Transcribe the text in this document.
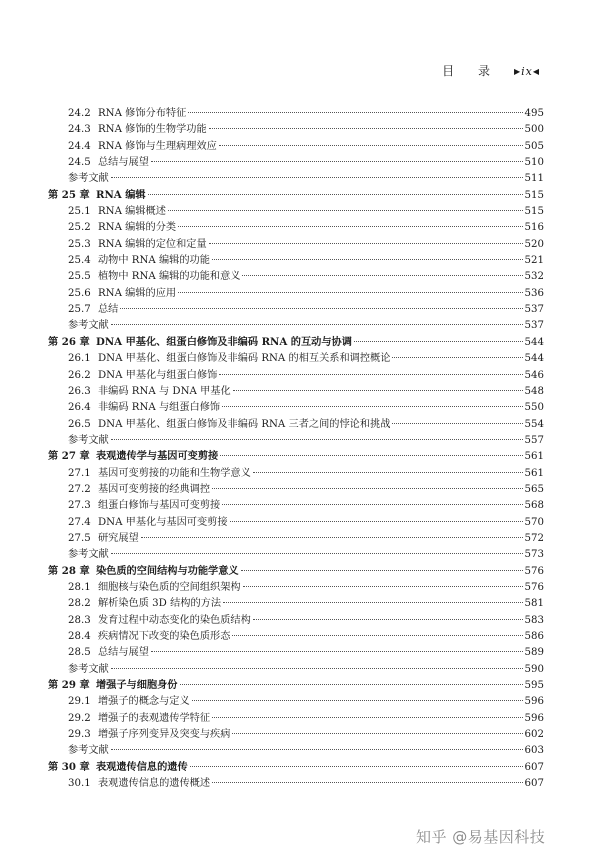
目 录 ▶ix◀
24.2 RNA 修饰分布特征	495
24.3 RNA 修饰的生物学功能	500
24.4 RNA 修饰与生理病理效应	505
24.5 总结与展望	510
参考文献	511
第 25 章 RNA 编辑	515
25.1 RNA 编辑概述	515
25.2 RNA 编辑的分类	516
25.3 RNA 编辑的定位和定量	520
25.4 动物中 RNA 编辑的功能	521
25.5 植物中 RNA 编辑的功能和意义	532
25.6 RNA 编辑的应用	536
25.7 总结	537
参考文献	537
第 26 章 DNA 甲基化、组蛋白修饰及非编码 RNA 的互动与协调	544
26.1 DNA 甲基化、组蛋白修饰及非编码 RNA 的相互关系和调控概论	544
26.2 DNA 甲基化与组蛋白修饰	546
26.3 非编码 RNA 与 DNA 甲基化	548
26.4 非编码 RNA 与组蛋白修饰	550
26.5 DNA 甲基化、组蛋白修饰及非编码 RNA 三者之间的悖论和挑战	554
参考文献	557
第 27 章 表观遗传学与基因可变剪接	561
27.1 基因可变剪接的功能和生物学意义	561
27.2 基因可变剪接的经典调控	565
27.3 组蛋白修饰与基因可变剪接	568
27.4 DNA 甲基化与基因可变剪接	570
27.5 研究展望	572
参考文献	573
第 28 章 染色质的空间结构与功能学意义	576
28.1 细胞核与染色质的空间组织架构	576
28.2 解析染色质 3D 结构的方法	581
28.3 发育过程中动态变化的染色质结构	583
28.4 疾病情况下改变的染色质形态	586
28.5 总结与展望	589
参考文献	590
第 29 章 增强子与细胞身份	595
29.1 增强子的概念与定义	596
29.2 增强子的表观遗传学特征	596
29.3 增强子序列变异及突变与疾病	602
参考文献	603
第 30 章 表观遗传信息的遗传	607
30.1 表观遗传信息的遗传概述	607
知乎 @易基因科技
